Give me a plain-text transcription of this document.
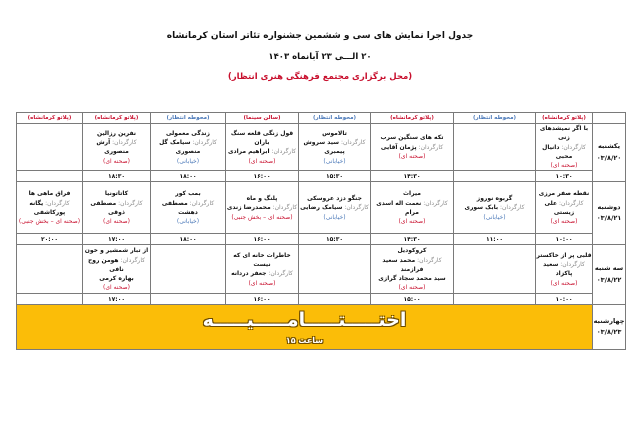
جدول اجرا نمایش های سی و ششمین جشنواره تئاتر استان کرمانشاه
۲۰ الـــی ۲۳ آبانماه ۱۴۰۳
(محل برگزاری مجتمع فرهنگی هنری انتظار)
	(پلاتو کرمانشاه)	(محوطه انتظار)	(پلاتو کرمانشاه)	(محوطه انتظار)	(سالن سینما)	(محوطه انتظار)	(پلاتو کرمانشاه)	(پلاتو کرمانشاه)

یکشنبه
۰۳/۸/۲۰	با اگر نمیشدهای زنی
کارگردان: دانیال محبی
(صحنه ای)		تکه های سنگین سرب
کارگردان: پژمان آقایی
(صحنه ای)	تالاموس
کارگردان: سید سروش پیمبری
(خیابانی)	قول زنگی قلعه سنگ باران
کارگردان: ابراهیم مرادی
(صحنه ای)	زندگی معمولی
کارگردان: سیامک گل منصوری
(خیابانی)	نفرین رزالین
کارگردان: آرش منصوری
(صحنه ای)	

	۱۰:۳۰		۱۴:۳۰	۱۵:۳۰	۱۶:۰۰	۱۸:۰۰	۱۸:۳۰	

دوشنبه
۰۳/۸/۲۱	نقطه صفر مرزی
کارگردان: علی زیستی
(صحنه ای)	گربوه نوروز
کارگردان: بابک سوری
(خیابانی)	میراث
کارگردان: نعمت اله اسدی مرام
(صحنه ای)	جنگو دزد عروسکی
کارگردان: سیامک رضایی
(خیابانی)	پلنگ و ماه
کارگردان: محمدرضا زندی
(صحنه ای – بخش جنبی)	بمب کور
کارگردان: مصطفی دهشت
(خیابانی)	کاتاتونیا
کارگردان: مصطفی ذوقی
(صحنه ای)	فراق ماهی ها
کارگردان: یگانه پورکاشفی
(صحنه ای – بخش جنبی)

	۱۰:۰۰	۱۱:۰۰	۱۴:۳۰	۱۵:۳۰	۱۶:۰۰	۱۸:۰۰	۱۷:۰۰	۲۰:۰۰

سه شنبه
۰۳/۸/۲۲	قلبی پر از خاکستر
کارگردان: سعید پاکزاد
(صحنه ای)		کروکودیل
کارگردان: محمد سعید فرازمند
سید محمد سجاد گرازی
(صحنه ای)		خاطرات خانه ای که نیست
کارگردان: جعفر دردانه
(صحنه ای)		از تبار شمشیر و خون
کارگردان: هومن روح نافی
بهاره کرمی
(صحنه ای)	

	۱۰:۰۰		۱۵:۰۰		۱۶:۰۰		۱۷:۰۰	

چهارشنبه
۰۳/۸/۲۳	اختـــــتـــــامـــــیـــــه
ساعت ۱۵							
